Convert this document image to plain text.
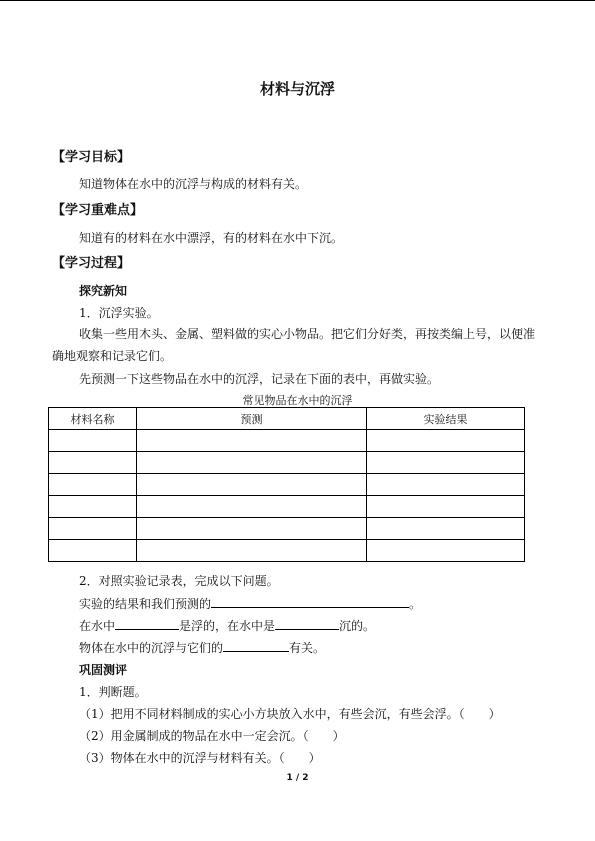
材料与沉浮
【学习目标】
知道物体在水中的沉浮与构成的材料有关。
【学习重难点】
知道有的材料在水中漂浮，有的材料在水中下沉。
【学习过程】
探究新知
1．沉浮实验。
收集一些用木头、金属、塑料做的实心小物品。把它们分好类，再按类编上号，以便准
确地观察和记录它们。
先预测一下这些物品在水中的沉浮，记录在下面的表中，再做实验。
常见物品在水中的沉浮
材料名称	预测	实验结果

2．对照实验记录表，完成以下问题。
实验的结果和我们预测的	。
在水中	是浮的，在水中是	沉的。
物体在水中的沉浮与它们的	有关。
巩固测评
1．判断题。
（1）把用不同材料制成的实心小方块放入水中，有些会沉，有些会浮。（　　）
（2）用金属制成的物品在水中一定会沉。（　　）
（3）物体在水中的沉浮与材料有关。（　　）
1 / 2
